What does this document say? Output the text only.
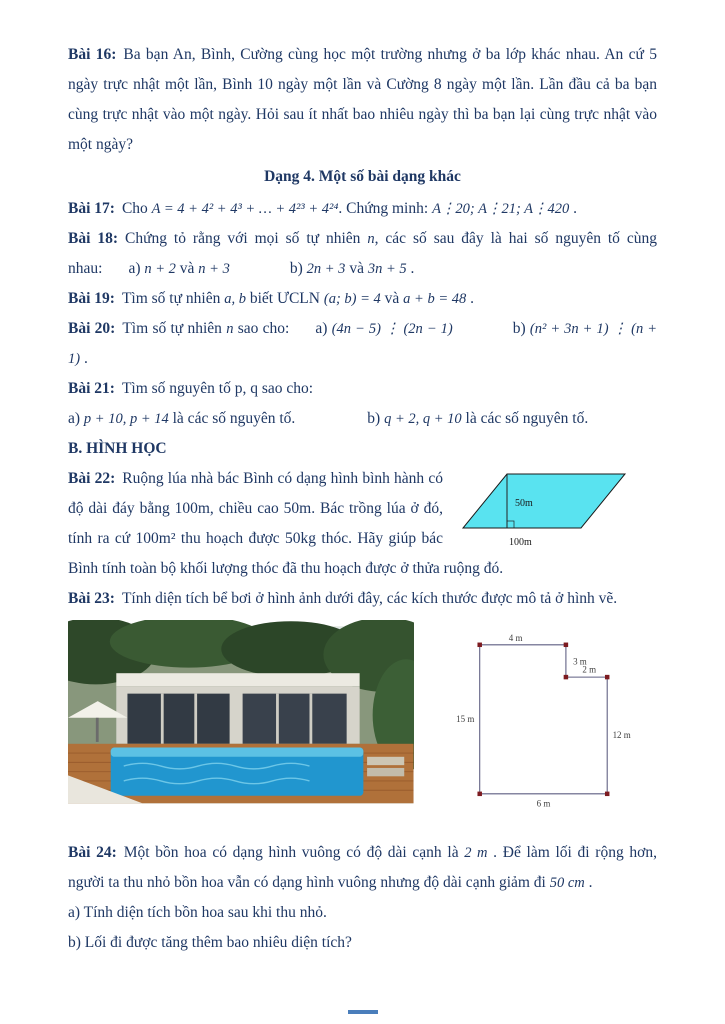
Bài 16: Ba bạn An, Bình, Cường cùng học một trường nhưng ở ba lớp khác nhau. An cứ 5 ngày trực nhật một lần, Bình 10 ngày một lần và Cường 8 ngày một lần. Lần đầu cả ba bạn cùng trực nhật vào một ngày. Hỏi sau ít nhất bao nhiêu ngày thì ba bạn lại cùng trực nhật vào một ngày?

Dạng 4. Một số bài dạng khác

Bài 17: Cho A = 4 + 4² + 4³ + … + 4²³ + 4²⁴. Chứng minh: A⋮20; A⋮21; A⋮420 .

Bài 18: Chứng tỏ rằng với mọi số tự nhiên n, các số sau đây là hai số nguyên tố cùng

nhau: a) n + 2 và n + 3	b) 2n + 3 và 3n + 5 .

Bài 19: Tìm số tự nhiên a, b biết ƯCLN (a; b) = 4 và a + b = 48 .

Bài 20: Tìm số tự nhiên n sao cho: a) (4n − 5) ⋮ (2n − 1)	b) (n² + 3n + 1) ⋮ (n + 1) .

Bài 21: Tìm số nguyên tố p, q sao cho:

a) p + 10, p + 14 là các số nguyên tố.	b) q + 2, q + 10 là các số nguyên tố.

B. HÌNH HỌC

50m
100m
Bài 22: Ruộng lúa nhà bác Bình có dạng hình bình hành có độ dài đáy bằng 100m, chiều cao 50m. Bác trồng lúa ở đó, tính ra cứ 100m² thu hoạch được 50kg thóc. Hãy giúp bác Bình tính toàn bộ khối lượng thóc đã thu hoạch được ở thửa ruộng đó.

Bài 23: Tính diện tích bể bơi ở hình ảnh dưới đây, các kích thước được mô tả ở hình vẽ.

4 m
3 m
2 m
15 m
12 m
6 m

Bài 24: Một bồn hoa có dạng hình vuông có độ dài cạnh là 2 m . Để làm lối đi rộng hơn, người ta thu nhỏ bồn hoa vẫn có dạng hình vuông nhưng độ dài cạnh giảm đi 50 cm .

a) Tính diện tích bồn hoa sau khi thu nhỏ.

b) Lối đi được tăng thêm bao nhiêu diện tích?
